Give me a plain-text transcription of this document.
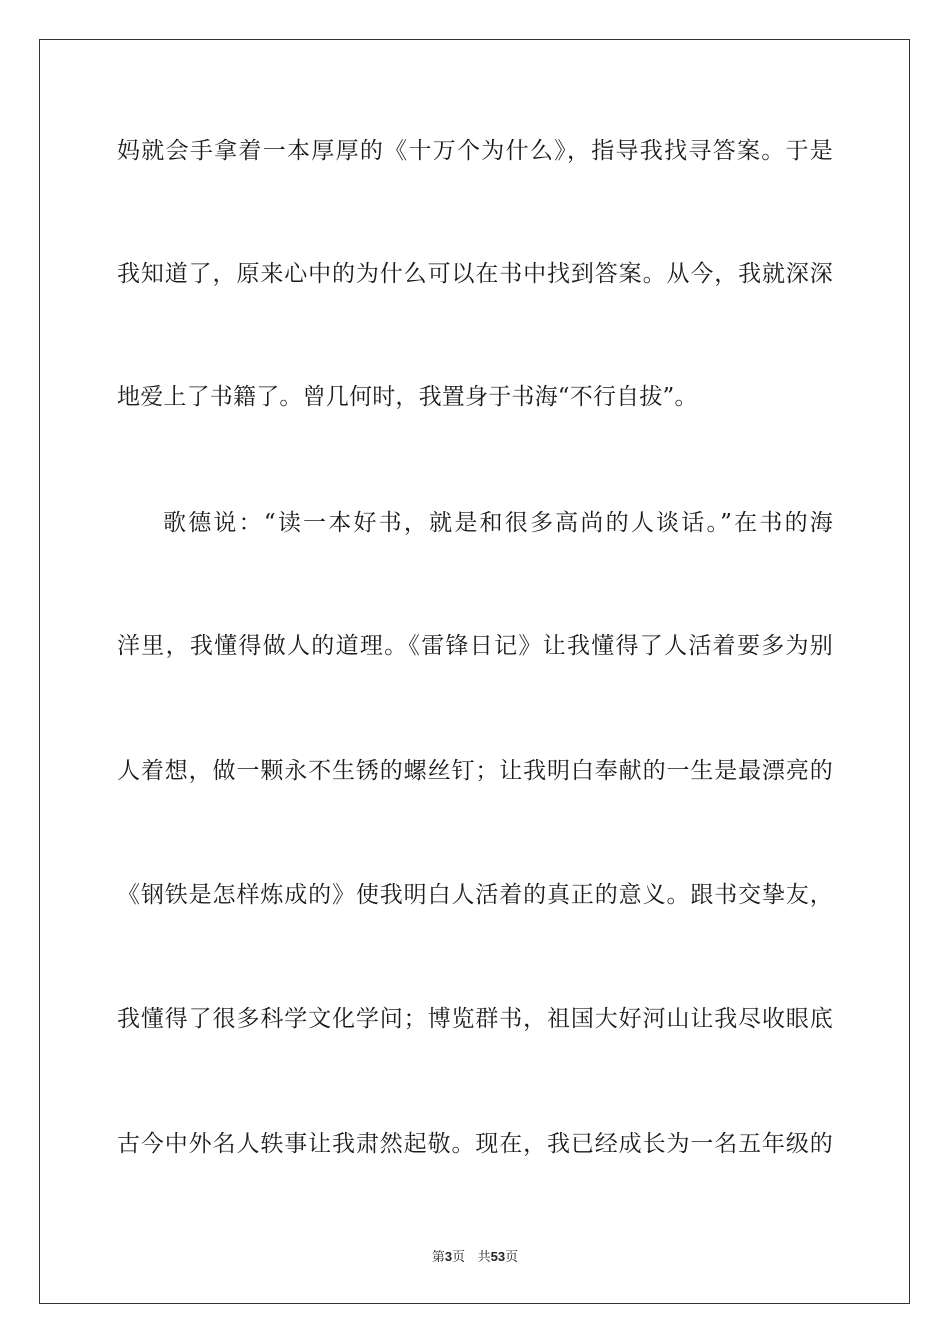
妈就会手拿着一本厚厚的《十万个为什么》，指导我找寻答案。于是
我知道了，原来心中的为什么可以在书中找到答案。从今，我就深深
地爱上了书籍了。曾几何时，我置身于书海“不行自拔”。
歌德说：“读一本好书，就是和很多高尚的人谈话。”在书的海
洋里，我懂得做人的道理。《雷锋日记》让我懂得了人活着要多为别
人着想，做一颗永不生锈的螺丝钉；让我明白奉献的一生是最漂亮的
《钢铁是怎样炼成的》使我明白人活着的真正的意义。跟书交挚友，
我懂得了很多科学文化学问；博览群书，祖国大好河山让我尽收眼底
古今中外名人轶事让我肃然起敬。现在，我已经成长为一名五年级的
第3页 共53页
